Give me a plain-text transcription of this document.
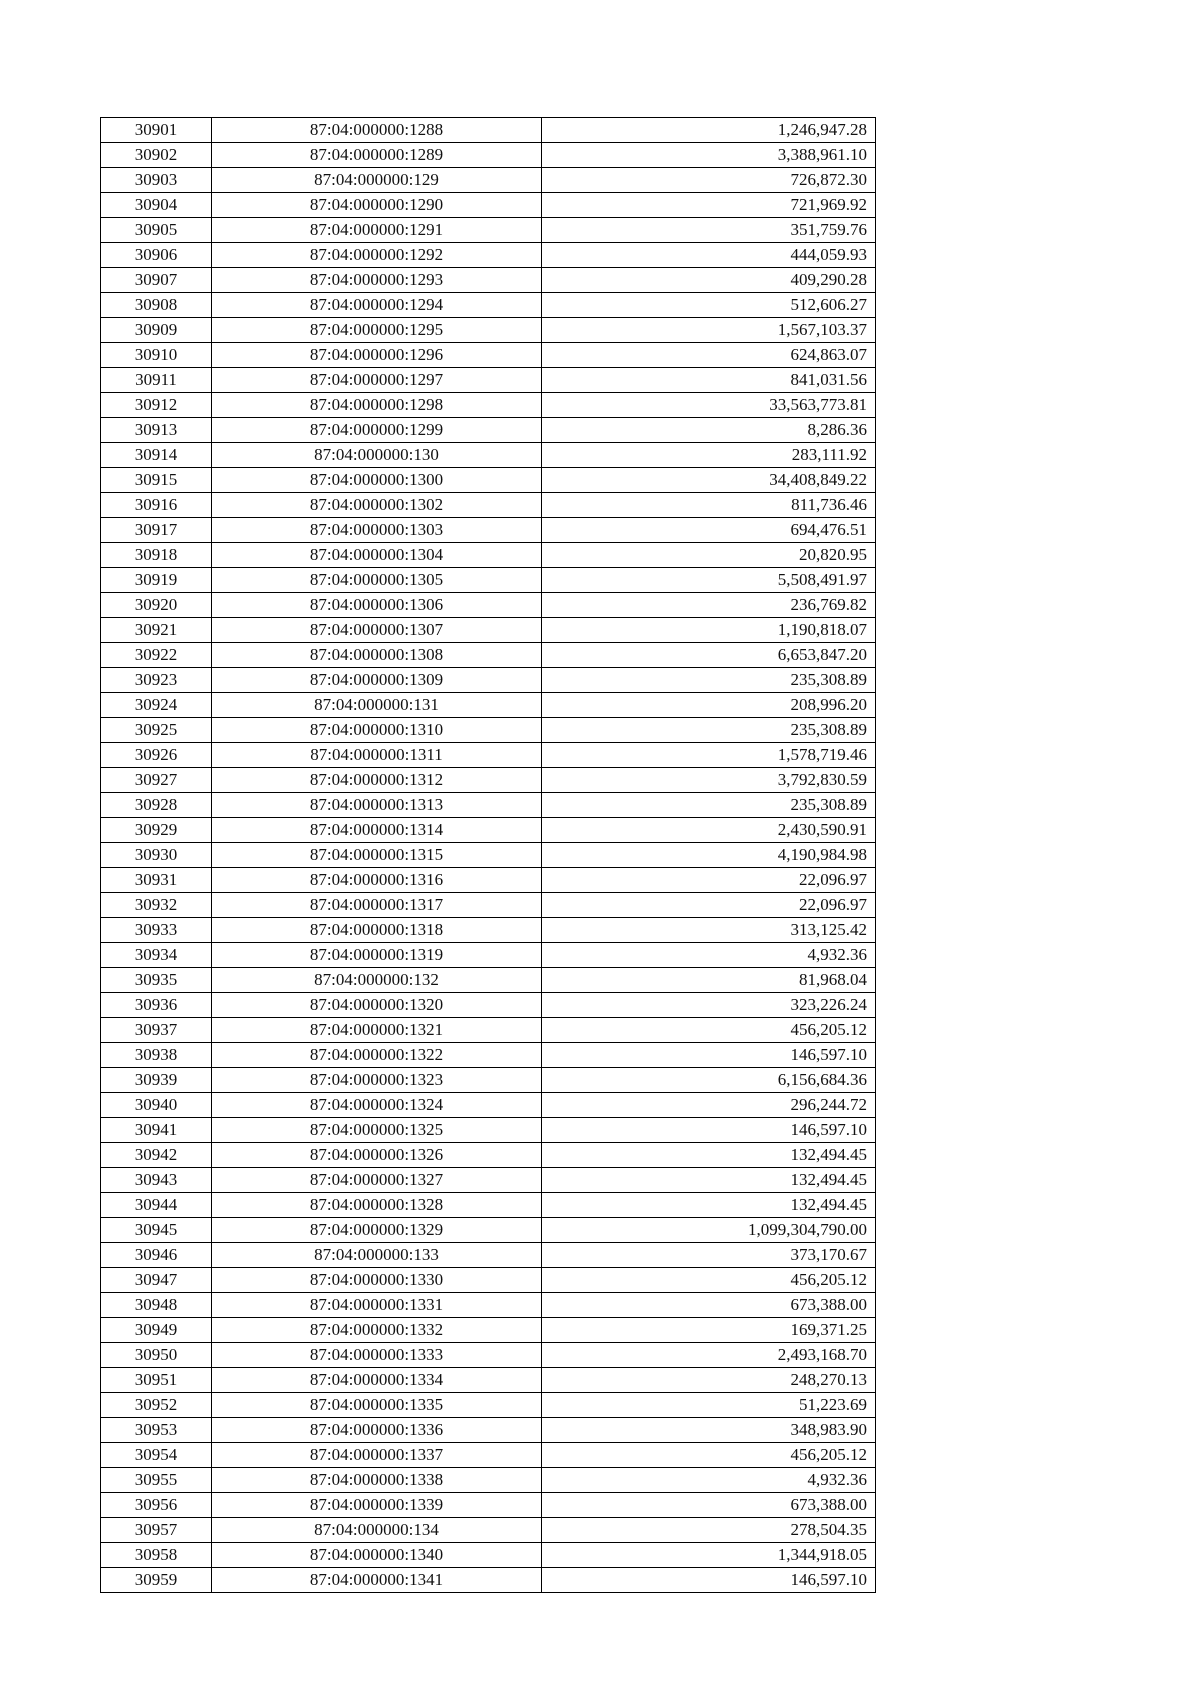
30901	87:04:000000:1288	1,246,947.28
30902	87:04:000000:1289	3,388,961.10
30903	87:04:000000:129	726,872.30
30904	87:04:000000:1290	721,969.92
30905	87:04:000000:1291	351,759.76
30906	87:04:000000:1292	444,059.93
30907	87:04:000000:1293	409,290.28
30908	87:04:000000:1294	512,606.27
30909	87:04:000000:1295	1,567,103.37
30910	87:04:000000:1296	624,863.07
30911	87:04:000000:1297	841,031.56
30912	87:04:000000:1298	33,563,773.81
30913	87:04:000000:1299	8,286.36
30914	87:04:000000:130	283,111.92
30915	87:04:000000:1300	34,408,849.22
30916	87:04:000000:1302	811,736.46
30917	87:04:000000:1303	694,476.51
30918	87:04:000000:1304	20,820.95
30919	87:04:000000:1305	5,508,491.97
30920	87:04:000000:1306	236,769.82
30921	87:04:000000:1307	1,190,818.07
30922	87:04:000000:1308	6,653,847.20
30923	87:04:000000:1309	235,308.89
30924	87:04:000000:131	208,996.20
30925	87:04:000000:1310	235,308.89
30926	87:04:000000:1311	1,578,719.46
30927	87:04:000000:1312	3,792,830.59
30928	87:04:000000:1313	235,308.89
30929	87:04:000000:1314	2,430,590.91
30930	87:04:000000:1315	4,190,984.98
30931	87:04:000000:1316	22,096.97
30932	87:04:000000:1317	22,096.97
30933	87:04:000000:1318	313,125.42
30934	87:04:000000:1319	4,932.36
30935	87:04:000000:132	81,968.04
30936	87:04:000000:1320	323,226.24
30937	87:04:000000:1321	456,205.12
30938	87:04:000000:1322	146,597.10
30939	87:04:000000:1323	6,156,684.36
30940	87:04:000000:1324	296,244.72
30941	87:04:000000:1325	146,597.10
30942	87:04:000000:1326	132,494.45
30943	87:04:000000:1327	132,494.45
30944	87:04:000000:1328	132,494.45
30945	87:04:000000:1329	1,099,304,790.00
30946	87:04:000000:133	373,170.67
30947	87:04:000000:1330	456,205.12
30948	87:04:000000:1331	673,388.00
30949	87:04:000000:1332	169,371.25
30950	87:04:000000:1333	2,493,168.70
30951	87:04:000000:1334	248,270.13
30952	87:04:000000:1335	51,223.69
30953	87:04:000000:1336	348,983.90
30954	87:04:000000:1337	456,205.12
30955	87:04:000000:1338	4,932.36
30956	87:04:000000:1339	673,388.00
30957	87:04:000000:134	278,504.35
30958	87:04:000000:1340	1,344,918.05
30959	87:04:000000:1341	146,597.10
